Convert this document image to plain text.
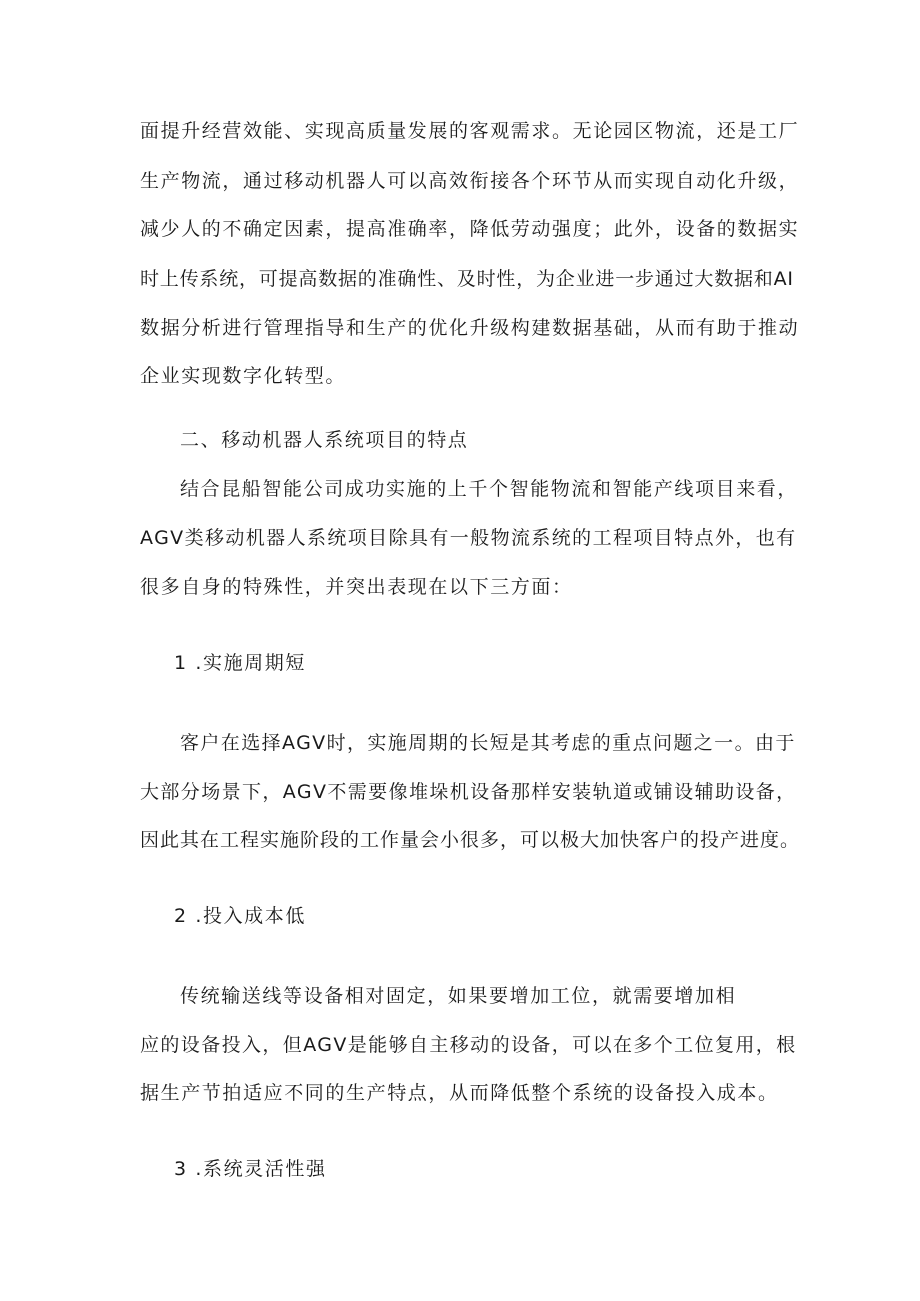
面提升经营效能、实现高质量发展的客观需求。无论园区物流，还是工厂

生产物流，通过移动机器人可以高效衔接各个环节从而实现自动化升级，

减少人的不确定因素，提高准确率，降低劳动强度；此外，设备的数据实

时上传系统，可提高数据的准确性、及时性，为企业进一步通过大数据和AI

数据分析进行管理指导和生产的优化升级构建数据基础，从而有助于推动

企业实现数字化转型。

二、移动机器人系统项目的特点

结合昆船智能公司成功实施的上千个智能物流和智能产线项目来看，

AGV类移动机器人系统项目除具有一般物流系统的工程项目特点外，也有

很多自身的特殊性，并突出表现在以下三方面：

1 .实施周期短

客户在选择AGV时，实施周期的长短是其考虑的重点问题之一。由于

大部分场景下，AGV不需要像堆垛机设备那样安装轨道或铺设辅助设备，

因此其在工程实施阶段的工作量会小很多，可以极大加快客户的投产进度。

2 .投入成本低

传统输送线等设备相对固定，如果要增加工位，就需要增加相

应的设备投入，但AGV是能够自主移动的设备，可以在多个工位复用，根

据生产节拍适应不同的生产特点，从而降低整个系统的设备投入成本。

3 .系统灵活性强
